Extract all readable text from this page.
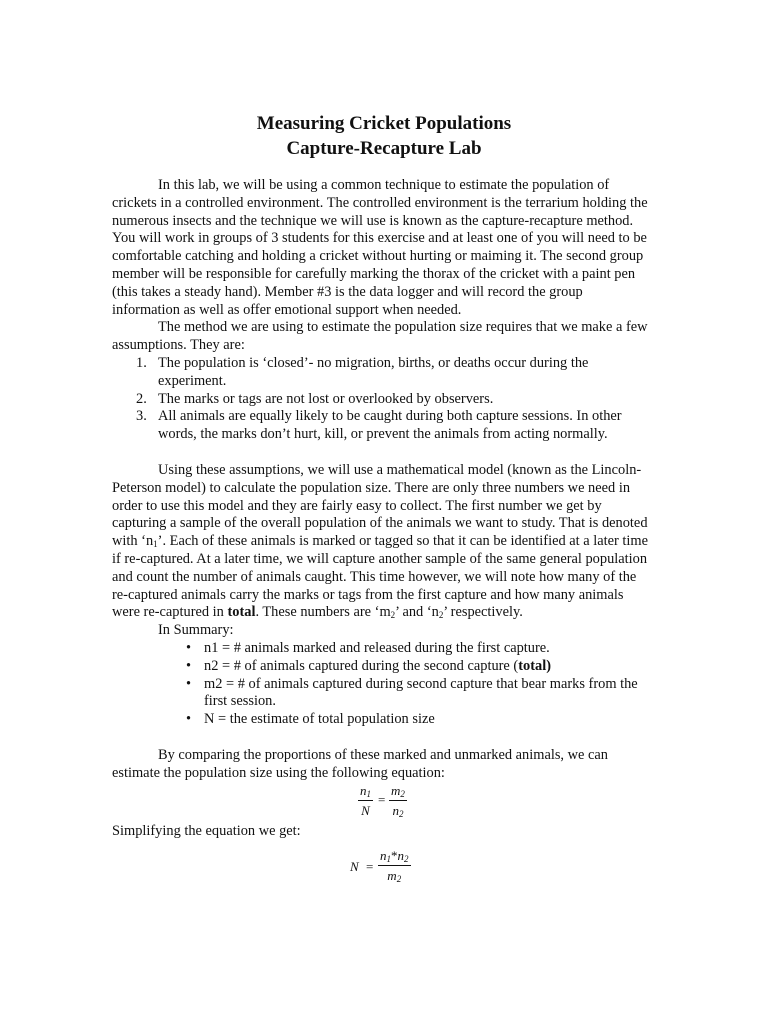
Measuring Cricket Populations
Capture-Recapture Lab

In this lab, we will be using a common technique to estimate the population of crickets in a controlled environment. The controlled environment is the terrarium holding the numerous insects and the technique we will use is known as the capture-recapture method. You will work in groups of 3 students for this exercise and at least one of you will need to be comfortable catching and holding a cricket without hurting or maiming it. The second group member will be responsible for carefully marking the thorax of the cricket with a paint pen (this takes a steady hand). Member #3 is the data logger and will record the group information as well as offer emotional support when needed.

The method we are using to estimate the population size requires that we make a few assumptions. They are:

1. The population is ‘closed’- no migration, births, or deaths occur during the experiment.
2. The marks or tags are not lost or overlooked by observers.
3. All animals are equally likely to be caught during both capture sessions. In other words, the marks don’t hurt, kill, or prevent the animals from acting normally.

Using these assumptions, we will use a mathematical model (known as the Lincoln-Peterson model) to calculate the population size. There are only three numbers we need in order to use this model and they are fairly easy to collect. The first number we get by capturing a sample of the overall population of the animals we want to study. That is denoted with ‘$n_1$’. Each of these animals is marked or tagged so that it can be identified at a later time if re-captured. At a later time, we will capture another sample of the same general population and count the number of animals caught. This time however, we will note how many of the re-captured animals carry the marks or tags from the first capture and how many animals were re-captured in total. These numbers are ‘$m_2$’ and ‘$n_2$’ respectively.

In Summary:

• n1 = # animals marked and released during the first capture.
• n2 = # of animals captured during the second capture (total)
• m2 = # of animals captured during second capture that bear marks from the first session.
• N = the estimate of total population size

By comparing the proportions of these marked and unmarked animals, we can estimate the population size using the following equation:

$n_1$
N
=
$m_2$
$n_2$

Simplifying the equation we get:

N =
$n_1*n_2$
$m_2$
